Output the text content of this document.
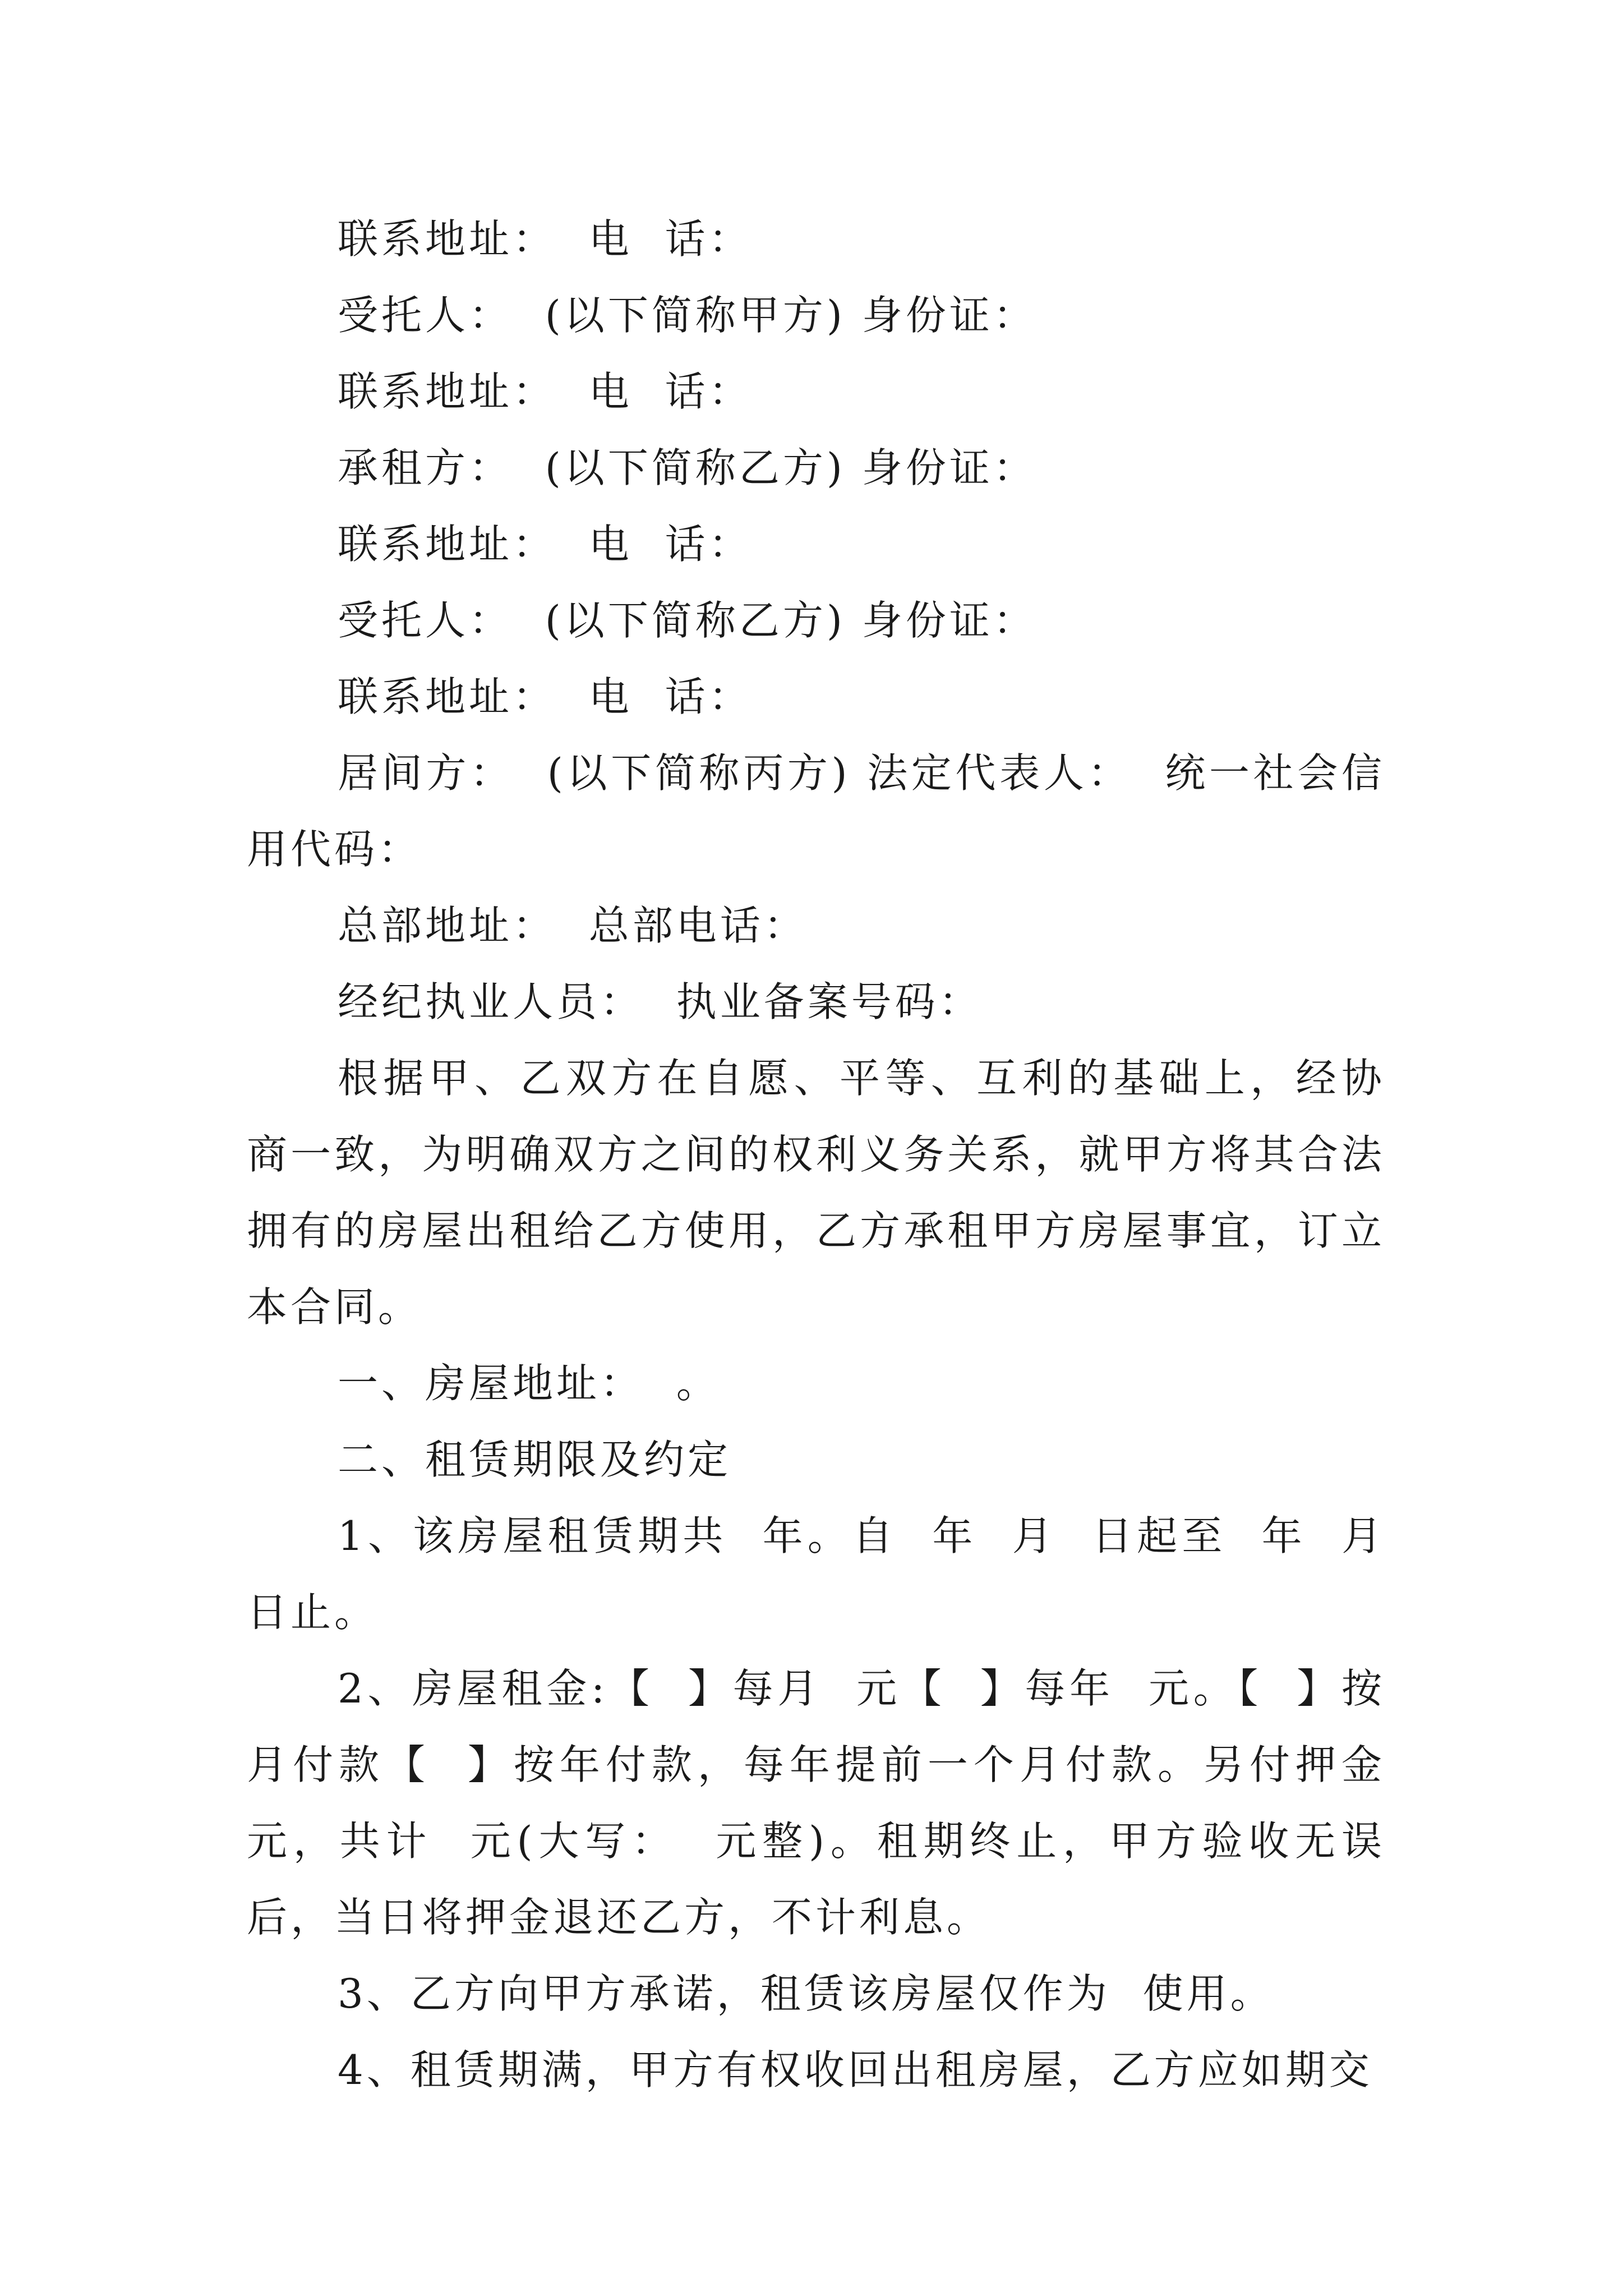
联系地址：  电  话：

受托人：  (以下简称甲方) 身份证：

联系地址：  电  话：

承租方：  (以下简称乙方) 身份证：

联系地址：  电  话：

受托人：  (以下简称乙方) 身份证：

联系地址：  电  话：

居间方：  (以下简称丙方) 法定代表人：  统一社会信用代码：

总部地址：  总部电话：

经纪执业人员：  执业备案号码：

根据甲、乙双方在自愿、平等、互利的基础上，经协商一致，为明确双方之间的权利义务关系，就甲方将其合法拥有的房屋出租给乙方使用，乙方承租甲方房屋事宜，订立本合同。

一、房屋地址：  。

二、租赁期限及约定

1、该房屋租赁期共  年。自  年  月  日起至  年  月  日止。

2、房屋租金:【  】每月  元【  】每年  元。【  】按月付款【  】按年付款，每年提前一个月付款。另付押金  元，共计  元(大写：  元整)。租期终止，甲方验收无误后，当日将押金退还乙方，不计利息。

3、乙方向甲方承诺，租赁该房屋仅作为  使用。

4、租赁期满，甲方有权收回出租房屋，乙方应如期交
